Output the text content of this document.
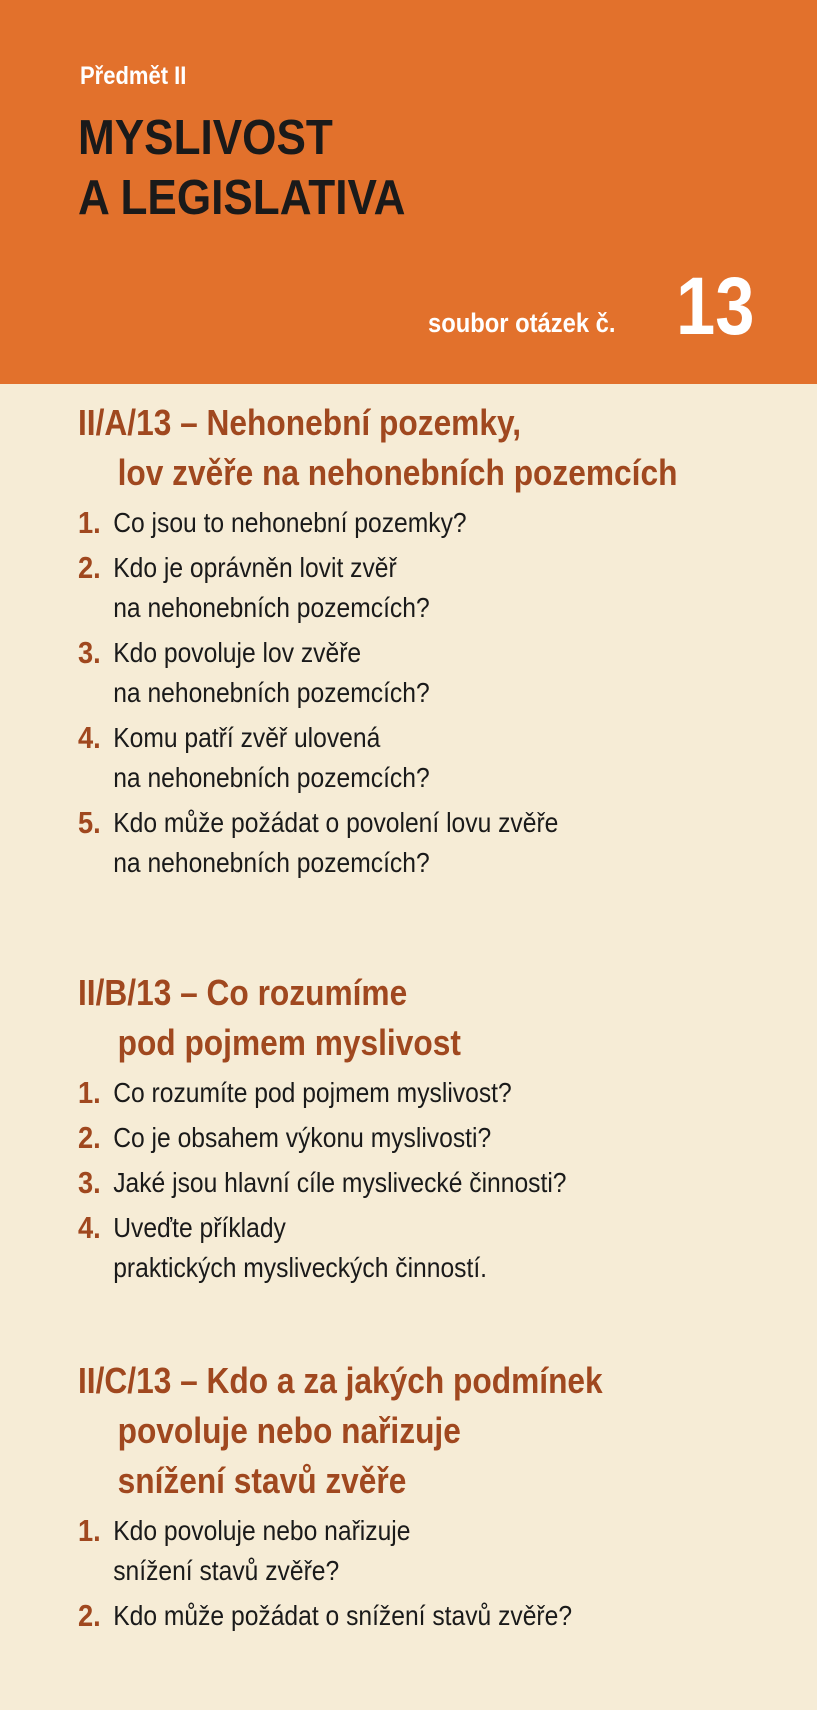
Předmět II
MYSLIVOST
A LEGISLATIVA
soubor otázek č. 13
II/A/13 – Nehonební pozemky,
lov zvěře na nehonebních pozemcích
1. Co jsou to nehonební pozemky?
2. Kdo je oprávněn lovit zvěř
na nehonebních pozemcích?
3. Kdo povoluje lov zvěře
na nehonebních pozemcích?
4. Komu patří zvěř ulovená
na nehonebních pozemcích?
5. Kdo může požádat o povolení lovu zvěře
na nehonebních pozemcích?
II/B/13 – Co rozumíme
pod pojmem myslivost
1. Co rozumíte pod pojmem myslivost?
2. Co je obsahem výkonu myslivosti?
3. Jaké jsou hlavní cíle myslivecké činnosti?
4. Uveďte příklady
praktických mysliveckých činností.
II/C/13 – Kdo a za jakých podmínek
povoluje nebo nařizuje
snížení stavů zvěře
1. Kdo povoluje nebo nařizuje
snížení stavů zvěře?
2. Kdo může požádat o snížení stavů zvěře?
